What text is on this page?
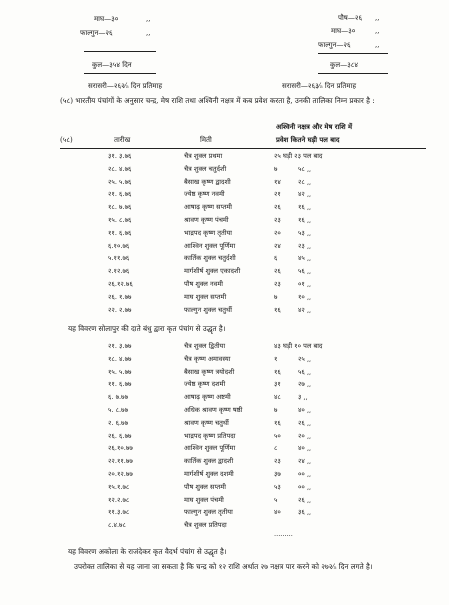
माघ—३०	,,
फाल्गुन—२६	,,
पौष—२६ ,,
माघ—३०	,,
फाल्गुन—२६	,,
कुल—३५४ दिन	कुल—३८४
सरासरी—२६२⁄₅ दिन प्रतिमाह	सरासरी—२६३⁄₅ दिन प्रतिमाह

(५८) भारतीय पंचांगों के अनुसार चन्द्र, मेष राशि तथा अश्विनी नक्षत्र में कब प्रवेश करता है, उनकी तालिका निम्न प्रकार है :

अश्विनी नक्षत्र और मेष राशि में
(५८)	तारीख	मिती	प्रवेश कितने घड़ी पल बाद
३१. ३.७६	चैत्र शुक्ल प्रथमा	२५ घड़ी २३ पल बाद
२८. ४.७६	चैत्र शुक्ल चतुर्दशी	७	५८ ,,
२५. ५.७६	बैसाख कृष्ण द्वादशी	१४	२८ ,,
२१. ६.७६	ज्येष्ठ कृष्ण नवमी	२१	४२ ,,
१८. ७.७६	आषाढ़ कृष्ण सप्तमी	२६	१६ ,,
१५. ८.७६	श्रावण कृष्ण पंचमी	२३	१६ ,,
११. ६.७६	भाद्रपद कृष्ण तृतीया	२०	५३ ,,
६.१०.७६	आश्विन शुक्ल पूर्णिमा	२४	२३ ,,
५.११.७६	कार्तिक शुक्ल चतुर्दशी	६	४५ ,,
२.१२.७६	मार्गशीर्ष शुक्ल एकादशी	२६	५६ ,,
२६.१२.७६	पौष शुक्ल नवमी	२३	०१ ,,
२६. १.७७	माघ शुक्ल सप्तमी	७	१० ,,
२२. २.७७	फाल्गुन शुक्ल चतुर्थी	१६	४२ ,,

यह विवरण सोलापुर की दाते बंधु द्वारा कृत पंचांग से उद्धृत है।

२१. ३.७७	चैत्र शुक्ल द्वितीया	४३ घड़ी १० पल बाद
१८. ४.७७	चैत्र कृष्ण अमावस्या	१	२५ ,,
१५. ५.७७	बैसाख कृष्ण त्रयोदशी	१६	५६ ,,
११. ६.७७	ज्येष्ठ कृष्ण दशमी	३१	२७ ,,
६. ७.७७	आषाढ़ कृष्ण अष्टमी	४८	३ ,,
५. ८.७७	अधिक श्रावण कृष्ण षष्ठी	७	४० ,,
२. ६.७७	श्रावण कृष्ण चतुर्थी	१६	२६ ,,
२६. ६.७७	भाद्रपद कृष्ण प्रतिपदा	५०	२० ,,
२६.१०.७७	आश्विन शुक्ल पूर्णिमा	८	४० ,,
२२.११.७७	कार्तिक शुक्ल द्वादशी	२३	२४ ,,
२०.१२.७७	मार्गशीर्ष शुक्ल दशमी	३७	०० ,,
१५.१.७८	पौष शुक्ल सप्तमी	५३	०० ,,
१२.२.७८	माघ शुक्ल पंचमी	५	२६ ,,
११.३.७८	फाल्गुन शुक्ल तृतीया	४०	३६ ,,
८.४.७८	चैत्र शुक्ल प्रतिपदा
.........

यह विवरण अकोला के राजंदेकर कृत वैदर्भ पंचांग से उद्धृत है।

उपरोक्त तालिका से यह जाना जा सकता है कि चन्द्र को १२ राशि अर्थात २७ नक्षत्र पार करने को २७२⁄₅ दिन लगते है।
